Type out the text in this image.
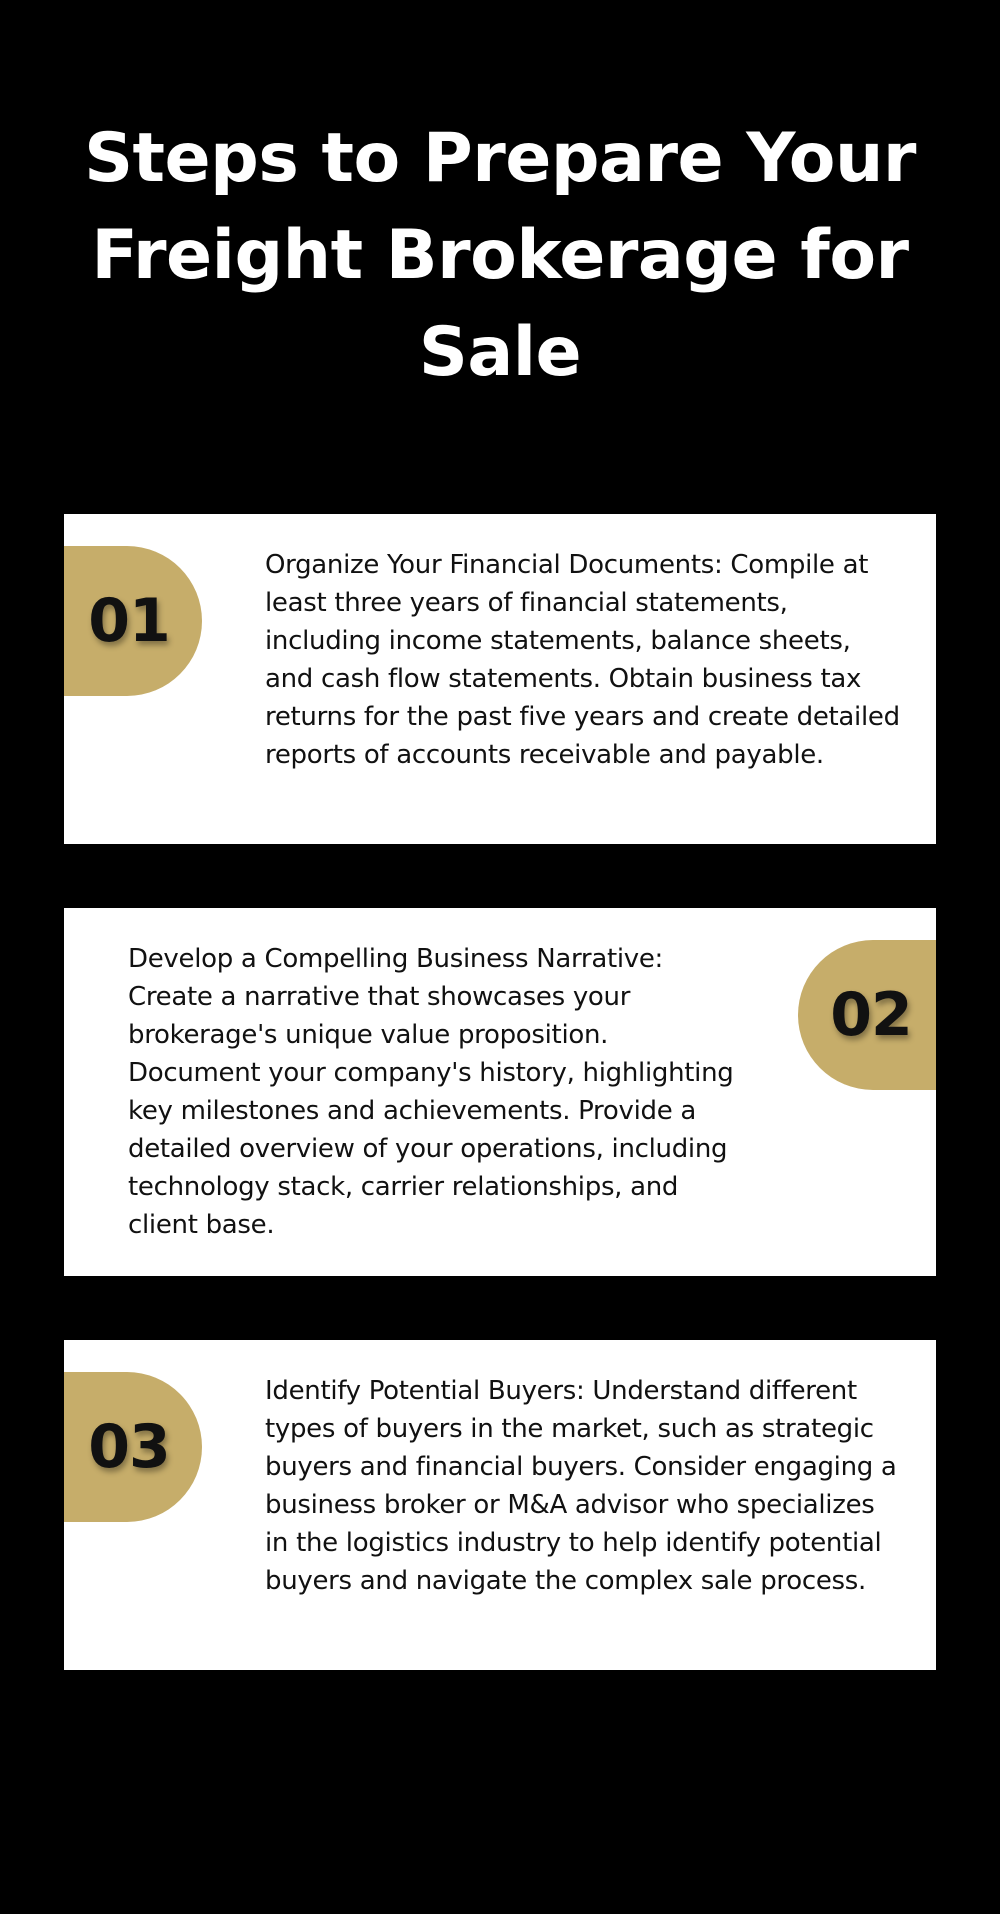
Steps to Prepare Your Freight Brokerage for Sale
01

Organize Your Financial Documents: Compile at least three years of financial statements, including income statements, balance sheets, and cash flow statements. Obtain business tax returns for the past five years and create detailed reports of accounts receivable and payable.

Develop a Compelling Business Narrative: Create a narrative that showcases your brokerage's unique value proposition. Document your company's history, highlighting key milestones and achievements. Provide a detailed overview of your operations, including technology stack, carrier relationships, and client base.

02
03

Identify Potential Buyers: Understand different types of buyers in the market, such as strategic buyers and financial buyers. Consider engaging a business broker or M&A advisor who specializes in the logistics industry to help identify potential buyers and navigate the complex sale process.
